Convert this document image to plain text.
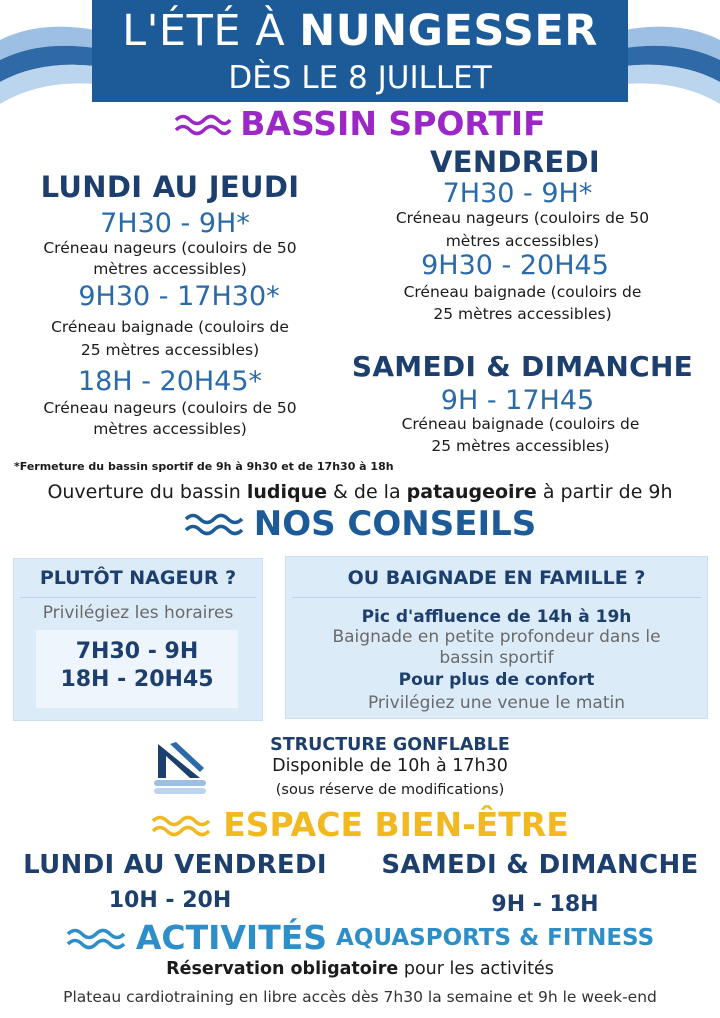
L'ÉTÉ À NUNGESSER
DÈS LE 8 JUILLET
BASSIN SPORTIF
LUNDI AU JEUDI
7H30 - 9H*
Créneau nageurs (couloirs de 50
mètres accessibles)
9H30 - 17H30*
Créneau baignade (couloirs de
25 mètres accessibles)
18H - 20H45*
Créneau nageurs (couloirs de 50
mètres accessibles)
VENDREDI
7H30 - 9H*
Créneau nageurs (couloirs de 50
mètres accessibles)
9H30 - 20H45
Créneau baignade (couloirs de
25 mètres accessibles)
SAMEDI & DIMANCHE
9H - 17H45
Créneau baignade (couloirs de
25 mètres accessibles)
*Fermeture du bassin sportif de 9h à 9h30 et de 17h30 à 18h
Ouverture du bassin ludique & de la pataugeoire à partir de 9h
NOS CONSEILS
PLUTÔT NAGEUR ?
Privilégiez les horaires
7H30 - 9H
18H - 20H45
OU BAIGNADE EN FAMILLE ?
Pic d'affluence de 14h à 19h
Baignade en petite profondeur dans le
bassin sportif
Pour plus de confort
Privilégiez une venue le matin
STRUCTURE GONFLABLE
Disponible de 10h à 17h30
(sous réserve de modifications)
ESPACE BIEN-ÊTRE
LUNDI AU VENDREDI
10H - 20H
SAMEDI & DIMANCHE
9H - 18H
ACTIVITÉS AQUASPORTS & FITNESS
Réservation obligatoire pour les activités
Plateau cardiotraining en libre accès dès 7h30 la semaine et 9h le week-end
